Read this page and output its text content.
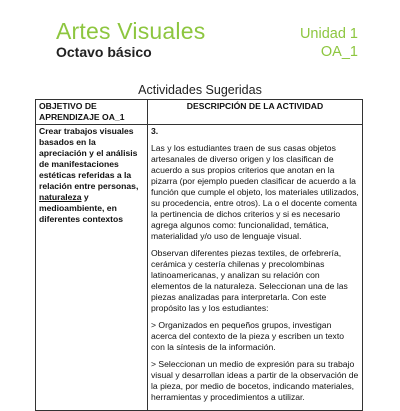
Artes Visuales
Octavo básico
Unidad 1
OA_1
Actividades Sugeridas
OBJETIVO DE APRENDIZAJE OA_1	DESCRIPCIÓN DE LA ACTIVIDAD
Crear trabajos visuales basados en la apreciación y el análisis de manifestaciones estéticas referidas a la relación entre personas, naturaleza y medioambiente, en diferentes contextos	3.

Las y los estudiantes traen de sus casas objetos artesanales de diverso origen y los clasifican de acuerdo a sus propios criterios que anotan en la pizarra (por ejemplo pueden clasificar de acuerdo a la función que cumple el objeto, los materiales utilizados, su procedencia, entre otros). La o el docente comenta la pertinencia de dichos criterios y si es necesario agrega algunos como: funcionalidad, temática, materialidad y/o uso de lenguaje visual.

Observan diferentes piezas textiles, de orfebrería, cerámica y cestería chilenas y precolombinas latinoamericanas, y analizan su relación con elementos de la naturaleza. Seleccionan una de las piezas analizadas para interpretarla. Con este propósito las y los estudiantes:

> Organizados en pequeños grupos, investigan acerca del contexto de la pieza y escriben un texto con la síntesis de la información.

> Seleccionan un medio de expresión para su trabajo visual y desarrollan ideas a partir de la observación de la pieza, por medio de bocetos, indicando materiales, herramientas y procedimientos a utilizar.
